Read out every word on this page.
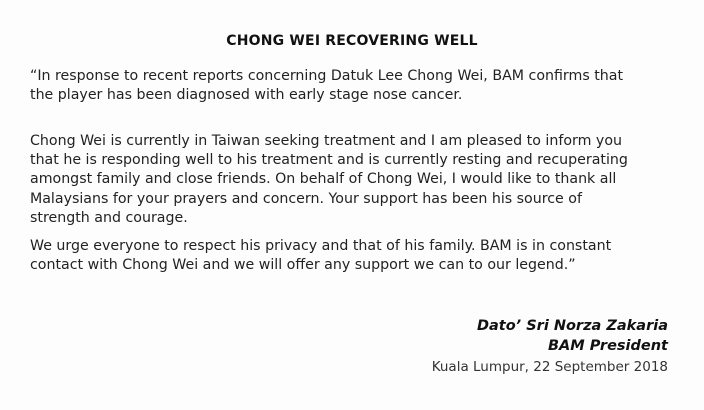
CHONG WEI RECOVERING WELL
“In response to recent reports concerning Datuk Lee Chong Wei, BAM confirms that
the player has been diagnosed with early stage nose cancer.
Chong Wei is currently in Taiwan seeking treatment and I am pleased to inform you
that he is responding well to his treatment and is currently resting and recuperating
amongst family and close friends. On behalf of Chong Wei, I would like to thank all
Malaysians for your prayers and concern. Your support has been his source of
strength and courage.
We urge everyone to respect his privacy and that of his family. BAM is in constant
contact with Chong Wei and we will offer any support we can to our legend.”
Dato’ Sri Norza Zakaria
BAM President
Kuala Lumpur, 22 September 2018
